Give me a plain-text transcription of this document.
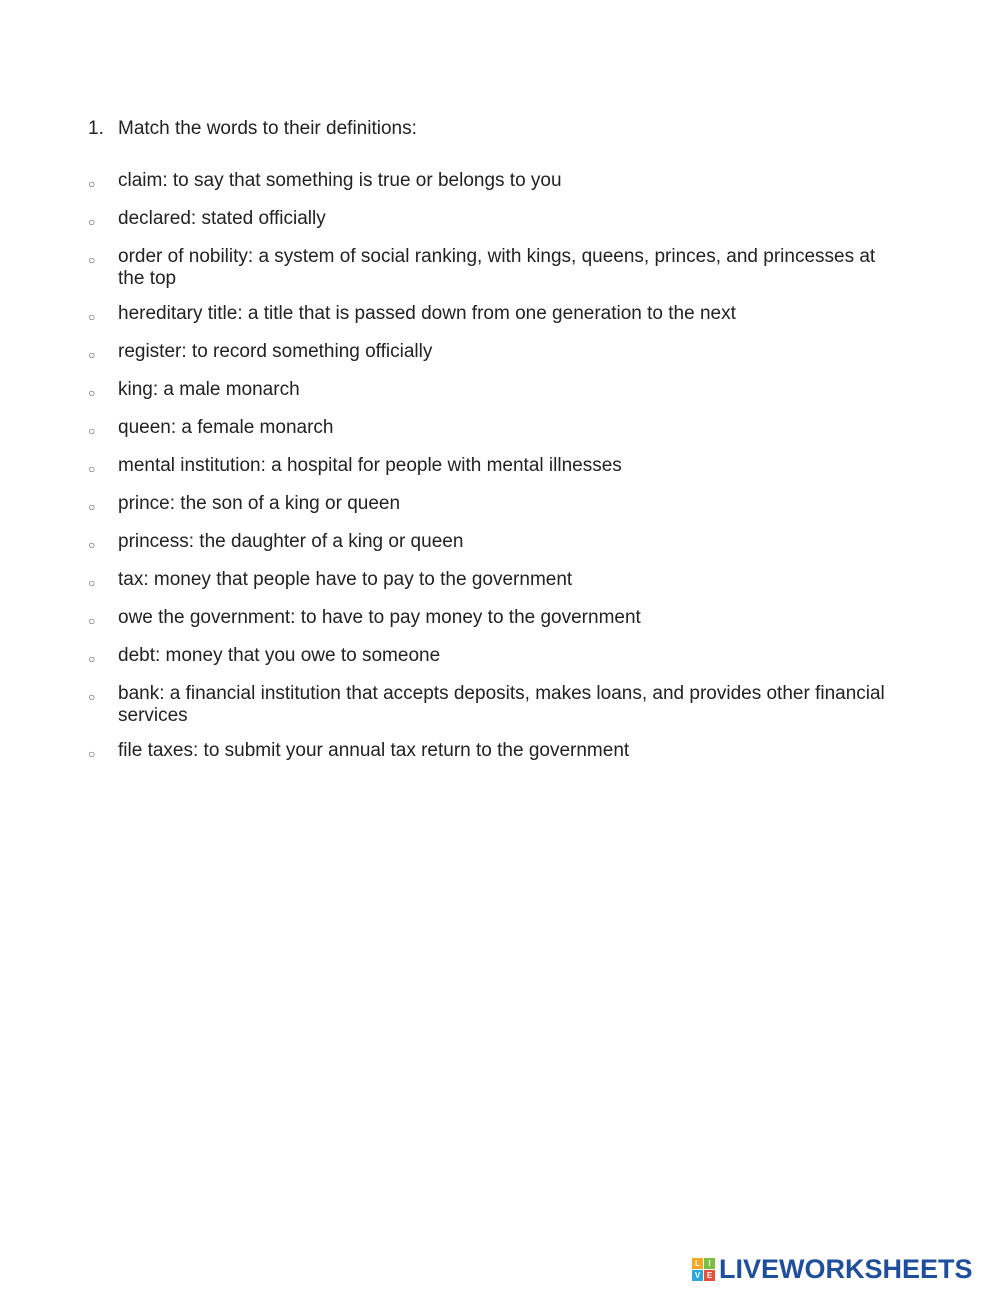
1. Match the words to their definitions:
○	claim: to say that something is true or belongs to you
○	declared: stated officially
○	order of nobility: a system of social ranking, with kings, queens, princes, and princesses at the top
○	hereditary title: a title that is passed down from one generation to the next
○	register: to record something officially
○	king: a male monarch
○	queen: a female monarch
○	mental institution: a hospital for people with mental illnesses
○	prince: the son of a king or queen
○	princess: the daughter of a king or queen
○	tax: money that people have to pay to the government
○	owe the government: to have to pay money to the government
○	debt: money that you owe to someone
○	bank: a financial institution that accepts deposits, makes loans, and provides other financial services
○	file taxes: to submit your annual tax return to the government
L	I
V E LIVEWORKSHEETS
